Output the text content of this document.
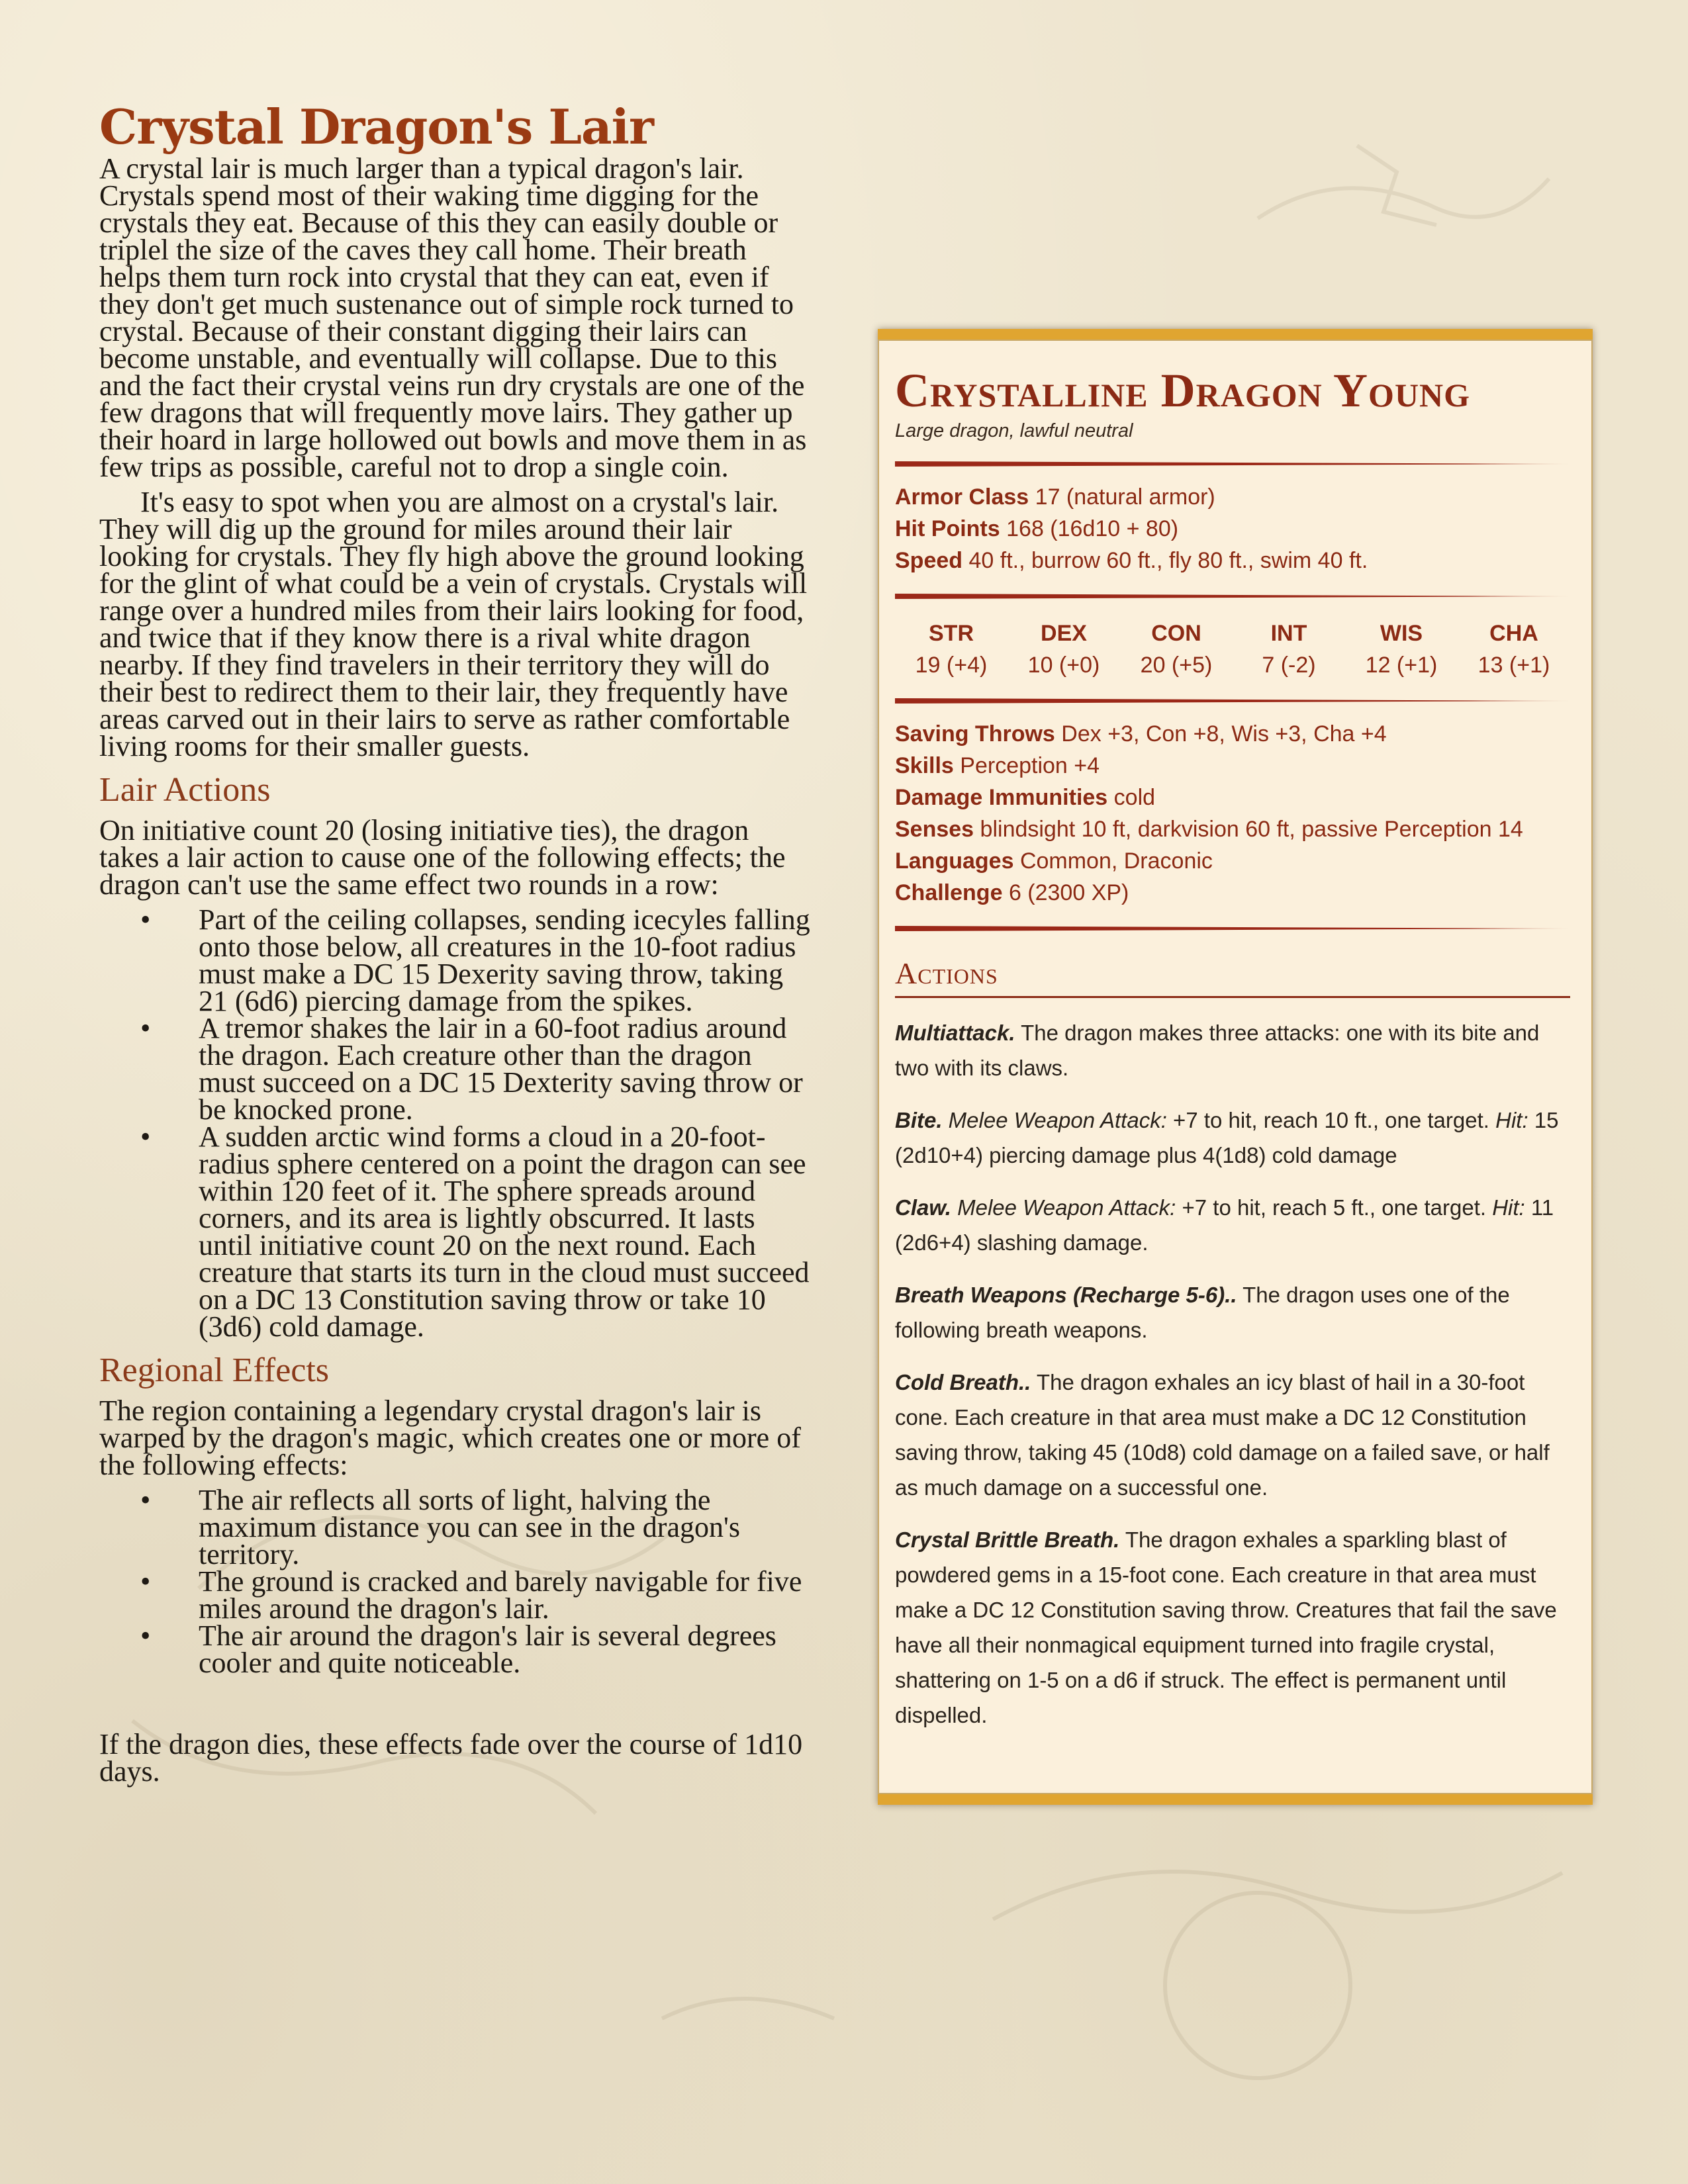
Crystal Dragon's Lair

A crystal lair is much larger than a typical dragon's lair. Crystals spend most of their waking time digging for the crystals they eat. Because of this they can easily double or triplel the size of the caves they call home. Their breath helps them turn rock into crystal that they can eat, even if they don't get much sustenance out of simple rock turned to crystal. Because of their constant digging their lairs can become unstable, and eventually will collapse. Due to this and the fact their crystal veins run dry crystals are one of the few dragons that will frequently move lairs. They gather up their hoard in large hollowed out bowls and move them in as few trips as possible, careful not to drop a single coin.

It's easy to spot when you are almost on a crystal's lair. They will dig up the ground for miles around their lair looking for crystals. They fly high above the ground looking for the glint of what could be a vein of crystals. Crystals will range over a hundred miles from their lairs looking for food, and twice that if they know there is a rival white dragon nearby. If they find travelers in their territory they will do their best to redirect them to their lair, they frequently have areas carved out in their lairs to serve as rather comfortable living rooms for their smaller guests.

Lair Actions

On initiative count 20 (losing initiative ties), the dragon takes a lair action to cause one of the following effects; the dragon can't use the same effect two rounds in a row:

• Part of the ceiling collapses, sending icecyles falling onto those below, all creatures in the 10-foot radius must make a DC 15 Dexerity saving throw, taking 21 (6d6) piercing damage from the spikes.
• A tremor shakes the lair in a 60-foot radius around the dragon. Each creature other than the dragon must succeed on a DC 15 Dexterity saving throw or be knocked prone.
• A sudden arctic wind forms a cloud in a 20-foot-radius sphere centered on a point the dragon can see within 120 feet of it. The sphere spreads around corners, and its area is lightly obscurred. It lasts until initiative count 20 on the next round. Each creature that starts its turn in the cloud must succeed on a DC 13 Constitution saving throw or take 10 (3d6) cold damage.
Regional Effects

The region containing a legendary crystal dragon's lair is warped by the dragon's magic, which creates one or more of the following effects:

• The air reflects all sorts of light, halving the maximum distance you can see in the dragon's territory.
• The ground is cracked and barely navigable for five miles around the dragon's lair.
• The air around the dragon's lair is several degrees cooler and quite noticeable.

If the dragon dies, these effects fade over the course of 1d10 days.

Crystalline Dragon Young
Large dragon, lawful neutral
Armor Class 17 (natural armor)
Hit Points 168 (16d10 + 80)
Speed 40 ft., burrow 60 ft., fly 80 ft., swim 40 ft.
STR
19 (+4)
DEX
10 (+0)
CON
20 (+5)
INT
7 (-2)
WIS
12 (+1)
CHA
13 (+1)
Saving Throws Dex +3, Con +8, Wis +3, Cha +4
Skills Perception +4
Damage Immunities cold
Senses blindsight 10 ft, darkvision 60 ft, passive Perception 14
Languages Common, Draconic
Challenge 6 (2300 XP)
Actions
Multiattack. The dragon makes three attacks: one with its bite and two with its claws.
Bite. Melee Weapon Attack: +7 to hit, reach 10 ft., one target. Hit: 15 (2d10+4) piercing damage plus 4(1d8) cold damage
Claw. Melee Weapon Attack: +7 to hit, reach 5 ft., one target. Hit: 11 (2d6+4) slashing damage.
Breath Weapons (Recharge 5-6).. The dragon uses one of the following breath weapons.
Cold Breath.. The dragon exhales an icy blast of hail in a 30-foot cone. Each creature in that area must make a DC 12 Constitution saving throw, taking 45 (10d8) cold damage on a failed save, or half as much damage on a successful one.
Crystal Brittle Breath. The dragon exhales a sparkling blast of powdered gems in a 15-foot cone. Each creature in that area must make a DC 12 Constitution saving throw. Creatures that fail the save have all their nonmagical equipment turned into fragile crystal, shattering on 1-5 on a d6 if struck. The effect is permanent until dispelled.
